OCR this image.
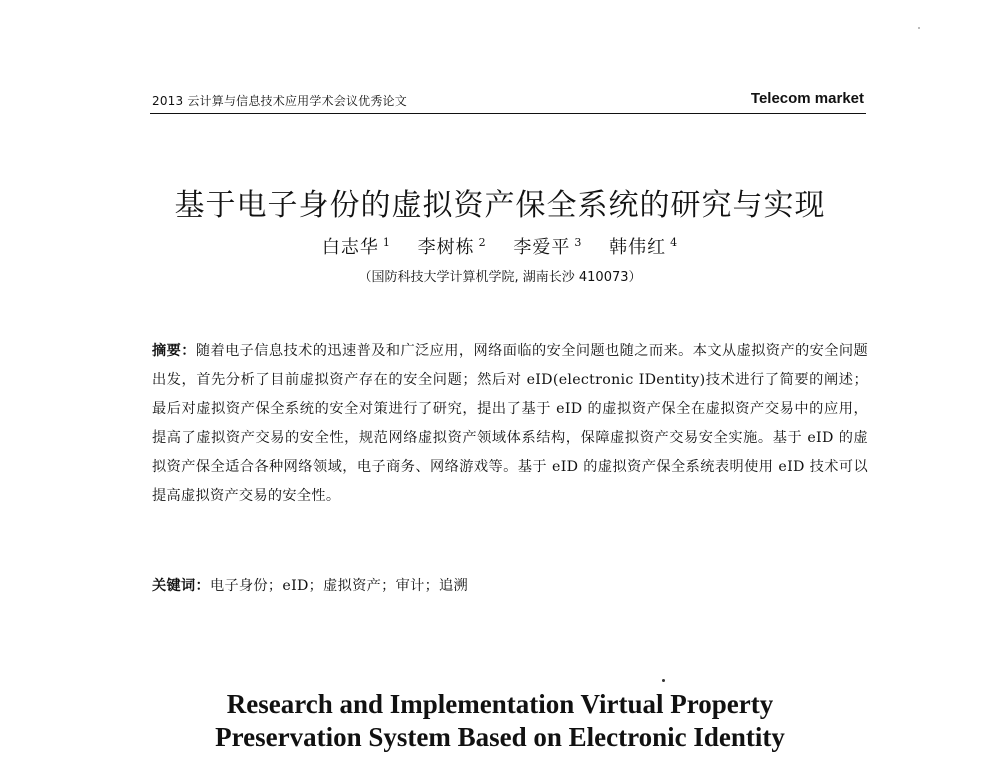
2013 云计算与信息技术应用学术会议优秀论文	Telecom market
基于电子身份的虚拟资产保全系统的研究与实现
白志华 $^1$ 李树栋 $^2$ 李爱平 $^3$ 韩伟红 $^4$
（国防科技大学计算机学院, 湖南长沙 410073）
摘要：随着电子信息技术的迅速普及和广泛应用，网络面临的安全问题也随之而来。本文从虚拟资产的安全问题出发，首先分析了目前虚拟资产存在的安全问题；然后对 eID(electronic IDentity)技术进行了简要的阐述；最后对虚拟资产保全系统的安全对策进行了研究，提出了基于 eID 的虚拟资产保全在虚拟资产交易中的应用，提高了虚拟资产交易的安全性，规范网络虚拟资产领域体系结构，保障虚拟资产交易安全实施。基于 eID 的虚拟资产保全适合各种网络领域，电子商务、网络游戏等。基于 eID 的虚拟资产保全系统表明使用 eID 技术可以提高虚拟资产交易的安全性。
关键词：电子身份；eID；虚拟资产；审计；追溯
Research and Implementation Virtual Property
Preservation System Based on Electronic Identity
